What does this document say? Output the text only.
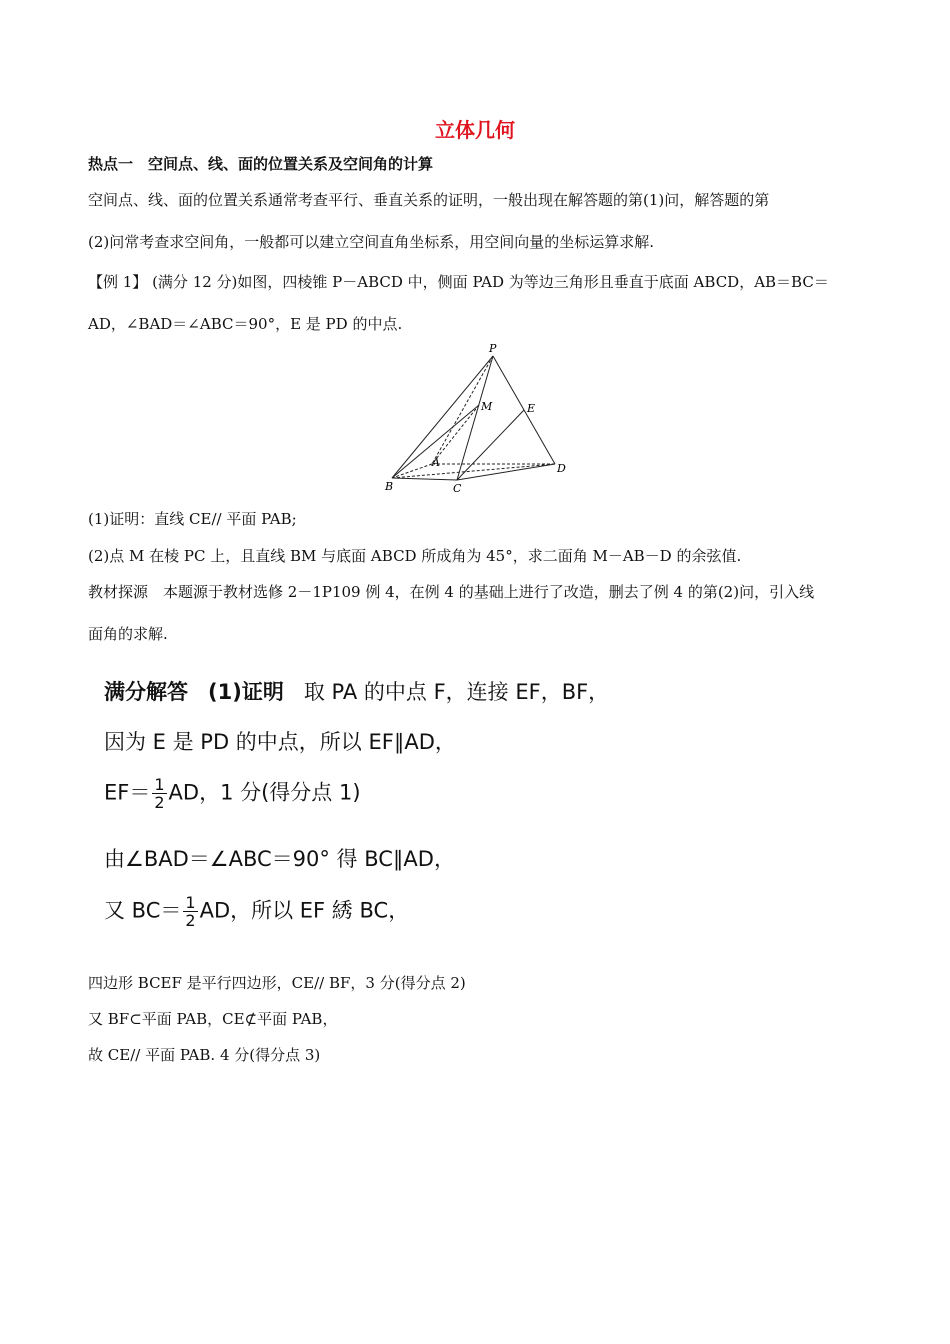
立体几何
热点一　空间点、线、面的位置关系及空间角的计算
空间点、线、面的位置关系通常考查平行、垂直关系的证明，一般出现在解答题的第(1)问，解答题的第
(2)问常考查求空间角，一般都可以建立空间直角坐标系，用空间向量的坐标运算求解.
【例 1】 (满分 12 分)如图，四棱锥 P－ABCD 中，侧面 PAD 为等边三角形且垂直于底面 ABCD，AB＝BC＝
AD，∠BAD＝∠ABC＝90°，E 是 PD 的中点.
P
M	E
A
B	C
D
(1)证明：直线 CE// 平面 PAB;
(2)点 M 在棱 PC 上，且直线 BM 与底面 ABCD 所成角为 45°，求二面角 M－AB－D 的余弦值.
教材探源　本题源于教材选修 2－1P109 例 4，在例 4 的基础上进行了改造，删去了例 4 的第(2)问，引入线
面角的求解.
满分解答 (1)证明 取 PA 的中点 F，连接 EF，BF，
因为 E 是 PD 的中点，所以 EF∥AD，
$EF= \frac{1}{2}$ AD，1 分(得分点 1)
由∠BAD＝∠ABC＝90° 得 BC∥AD，
又 $BC= \frac{1}{2}$ AD，所以 EF 綉 BC，
四边形 BCEF 是平行四边形，CE// BF，3 分(得分点 2)
又 BF⊂平面 PAB，CE⊄平面 PAB，
故 CE// 平面 PAB. 4 分(得分点 3)
